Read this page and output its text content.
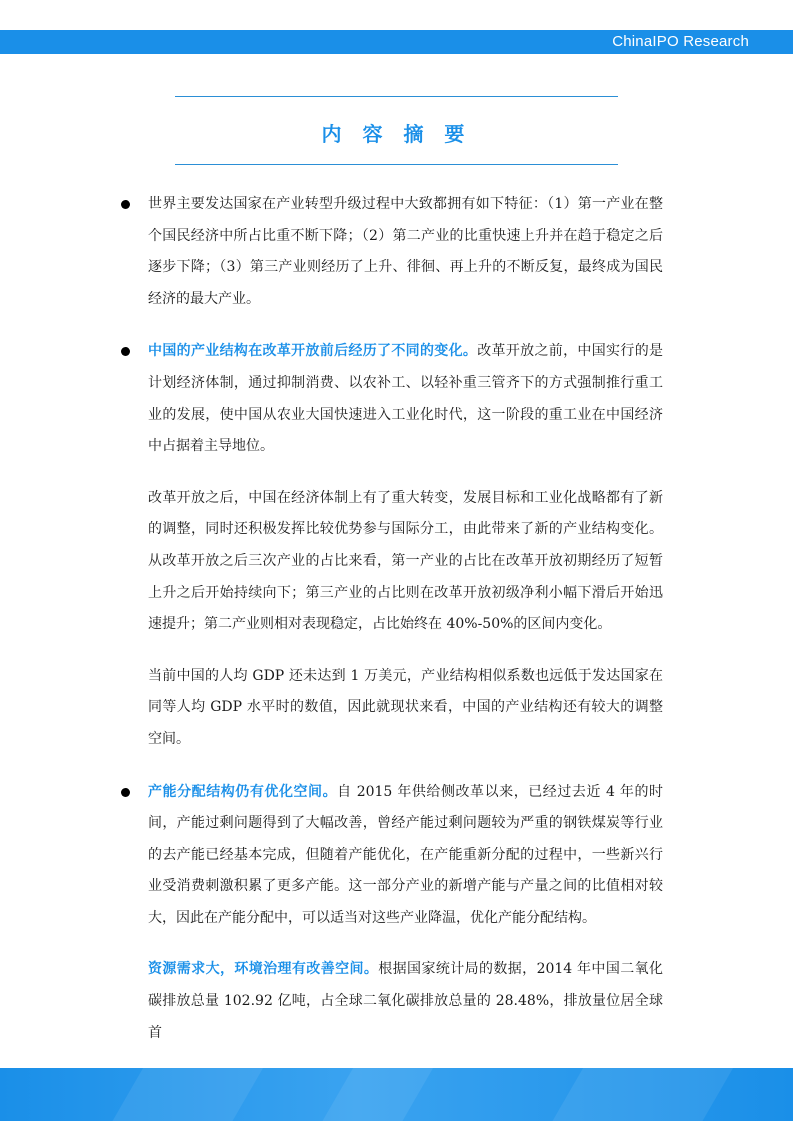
ChinaIPO Research
内 容 摘 要

世界主要发达国家在产业转型升级过程中大致都拥有如下特征：（1）第一产业在整个国民经济中所占比重不断下降；（2）第二产业的比重快速上升并在趋于稳定之后逐步下降；（3）第三产业则经历了上升、徘徊、再上升的不断反复，最终成为国民经济的最大产业。

中国的产业结构在改革开放前后经历了不同的变化。改革开放之前，中国实行的是计划经济体制，通过抑制消费、以农补工、以轻补重三管齐下的方式强制推行重工业的发展，使中国从农业大国快速进入工业化时代，这一阶段的重工业在中国经济中占据着主导地位。

改革开放之后，中国在经济体制上有了重大转变，发展目标和工业化战略都有了新的调整，同时还积极发挥比较优势参与国际分工，由此带来了新的产业结构变化。从改革开放之后三次产业的占比来看，第一产业的占比在改革开放初期经历了短暂上升之后开始持续向下；第三产业的占比则在改革开放初级净利小幅下滑后开始迅速提升；第二产业则相对表现稳定，占比始终在 40%-50%的区间内变化。

当前中国的人均 GDP 还未达到 1 万美元，产业结构相似系数也远低于发达国家在同等人均 GDP 水平时的数值，因此就现状来看，中国的产业结构还有较大的调整空间。

产能分配结构仍有优化空间。自 2015 年供给侧改革以来，已经过去近 4 年的时间，产能过剩问题得到了大幅改善，曾经产能过剩问题较为严重的钢铁煤炭等行业的去产能已经基本完成，但随着产能优化，在产能重新分配的过程中，一些新兴行业受消费刺激积累了更多产能。这一部分产业的新增产能与产量之间的比值相对较大，因此在产能分配中，可以适当对这些产业降温，优化产能分配结构。

资源需求大，环境治理有改善空间。根据国家统计局的数据，2014 年中国二氧化碳排放总量 102.92 亿吨，占全球二氧化碳排放总量的 28.48%，排放量位居全球首
